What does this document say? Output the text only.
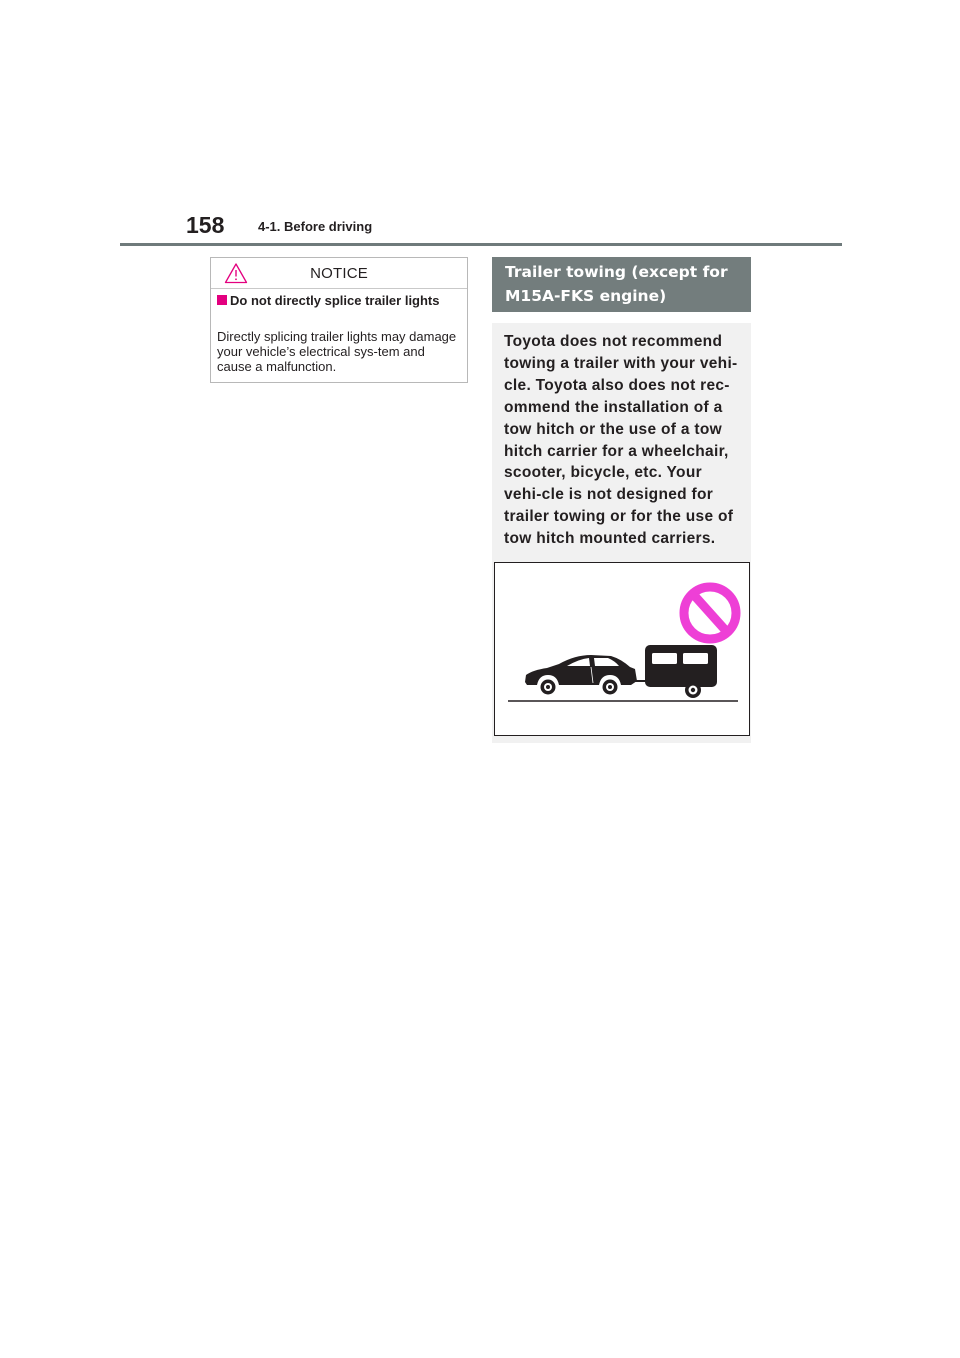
158	4-1. Before driving
NOTICE
Do not directly splice trailer lights
Directly splicing trailer lights may damage your vehicle’s electrical sys-tem and cause a malfunction.
Trailer towing (except for M15A-FKS engine)
Toyota does not recommend towing a trailer with your vehi-cle. Toyota also does not rec-ommend the installation of a tow hitch or the use of a tow hitch carrier for a wheelchair, scooter, bicycle, etc. Your vehi-cle is not designed for trailer towing or for the use of tow hitch mounted carriers.
